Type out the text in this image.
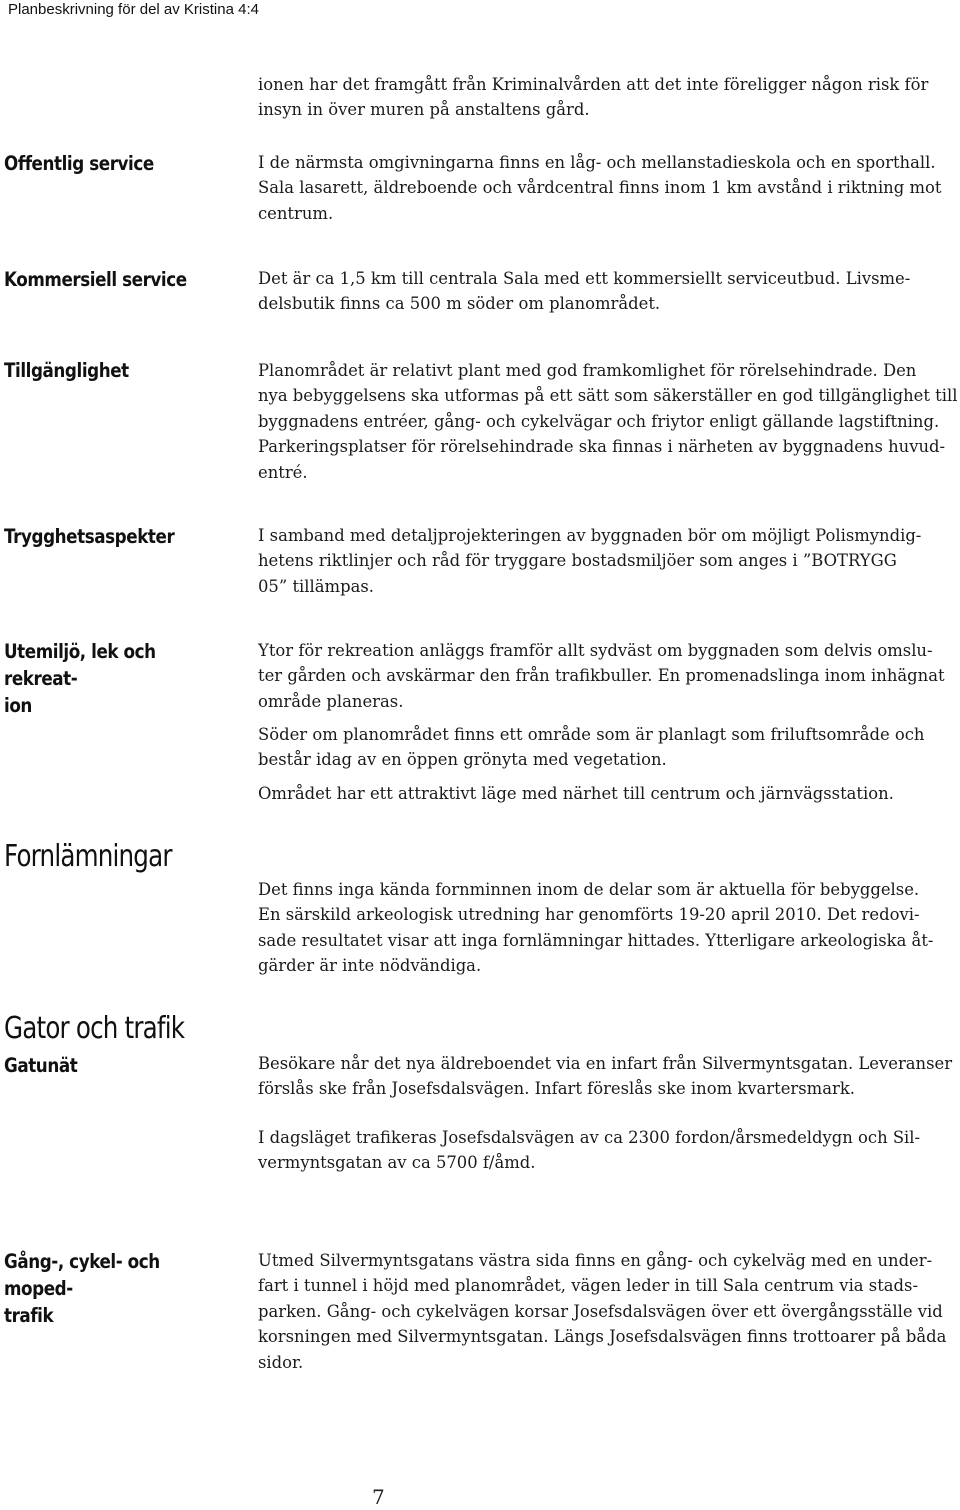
Planbeskrivning för del av Kristina 4:4
ionen har det framgått från Kriminalvården att det inte föreligger någon risk för
insyn in över muren på anstaltens gård.
Offentlig service	I de närmsta omgivningarna finns en låg- och mellanstadieskola och en sporthall.
Sala lasarett, äldreboende och vårdcentral finns inom 1 km avstånd i riktning mot
centrum.
Kommersiell service	Det är ca 1,5 km till centrala Sala med ett kommersiellt serviceutbud. Livsme-
delsbutik finns ca 500 m söder om planområdet.
Tillgänglighet	Planområdet är relativt plant med god framkomlighet för rörelsehindrade. Den
nya bebyggelsens ska utformas på ett sätt som säkerställer en god tillgänglighet till
byggnadens entréer, gång- och cykelvägar och friytor enligt gällande lagstiftning.
Parkeringsplatser för rörelsehindrade ska finnas i närheten av byggnadens huvud-
entré.
Trygghetsaspekter	I samband med detaljprojekteringen av byggnaden bör om möjligt Polismyndig-
hetens riktlinjer och råd för tryggare bostadsmiljöer som anges i ”BOTRYGG
05” tillämpas.
Utemiljö, lek och rekreat-
ion
Ytor för rekreation anläggs framför allt sydväst om byggnaden som delvis omslu-
ter gården och avskärmar den från trafikbuller. En promenadslinga inom inhägnat
område planeras.
Söder om planområdet finns ett område som är planlagt som friluftsområde och
består idag av en öppen grönyta med vegetation.
Området har ett attraktivt läge med närhet till centrum och järnvägsstation.
Fornlämningar
Det finns inga kända fornminnen inom de delar som är aktuella för bebyggelse.
En särskild arkeologisk utredning har genomförts 19-20 april 2010. Det redovi-
sade resultatet visar att inga fornlämningar hittades. Ytterligare arkeologiska åt-
gärder är inte nödvändiga.
Gator och trafik
Gatunät	Besökare når det nya äldreboendet via en infart från Silvermyntsgatan. Leveranser
förslås ske från Josefsdalsvägen. Infart föreslås ske inom kvartersmark.
I dagsläget trafikeras Josefsdalsvägen av ca 2300 fordon/årsmedeldygn och Sil-
vermyntsgatan av ca 5700 f/åmd.
Gång-, cykel- och moped-
trafik
Utmed Silvermyntsgatans västra sida finns en gång- och cykelväg med en under-
fart i tunnel i höjd med planområdet, vägen leder in till Sala centrum via stads-
parken. Gång- och cykelvägen korsar Josefsdalsvägen över ett övergångsställe vid
korsningen med Silvermyntsgatan. Längs Josefsdalsvägen finns trottoarer på båda
sidor.
7
